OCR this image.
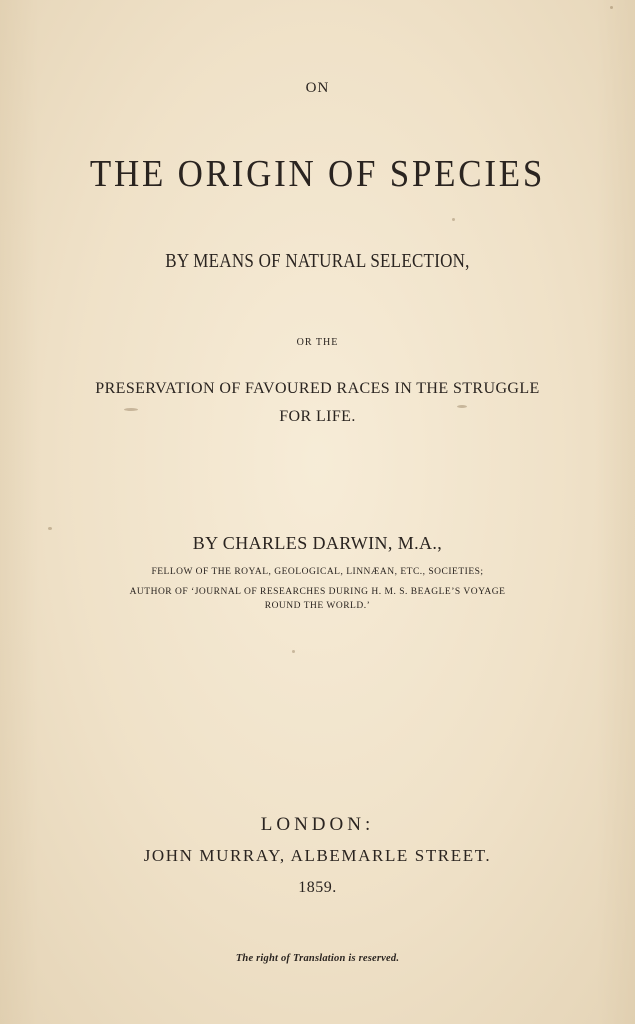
ON
THE ORIGIN OF SPECIES
BY MEANS OF NATURAL SELECTION,
OR THE
PRESERVATION OF FAVOURED RACES IN THE STRUGGLE
FOR LIFE.
BY CHARLES DARWIN, M.A.,
FELLOW OF THE ROYAL, GEOLOGICAL, LINNÆAN, ETC., SOCIETIES;
AUTHOR OF ‘JOURNAL OF RESEARCHES DURING H. M. S. BEAGLE’S VOYAGE
ROUND THE WORLD.’
LONDON:
JOHN MURRAY, ALBEMARLE STREET.
1859.
The right of Translation is reserved.
